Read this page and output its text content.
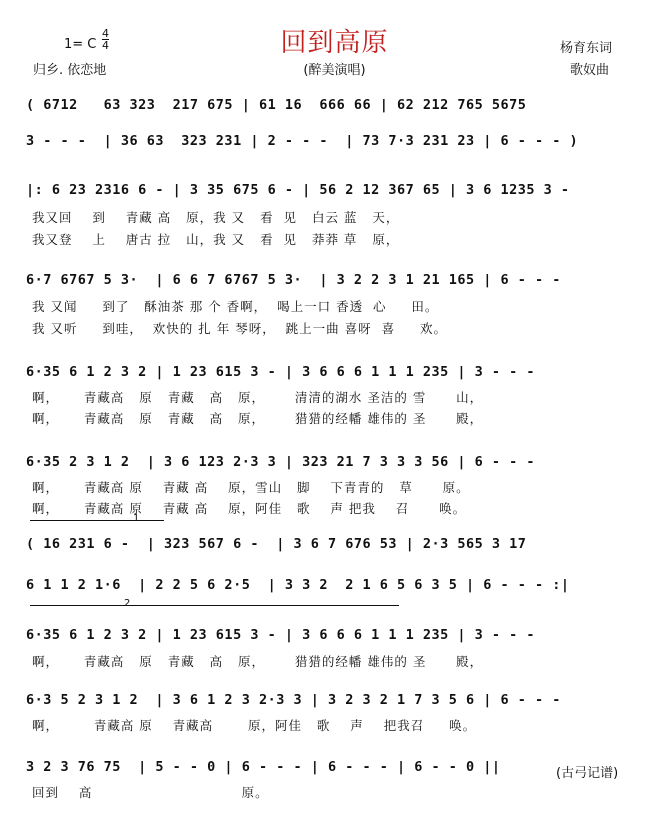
回到高原
1= C $\frac{4}{4}$
归乡. 依恋地	(醉美演唱)
杨育东词
歌奴曲

( 6712   63 323  217 675 | 61 16  666 66 | 62 212 765 5675

3 - - -  | 36 63  323 231 | 2 - - -  | 73 7·3 231 23 | 6 - - - )

|: 6 23 2316 6 - | 3 35 675 6 - | 56 2 12 367 65 | 3 6 1235 3 -

我又回    到    青藏 高   原，我 又   看  见   白云 蓝   天，
我又登    上    唐古 拉   山，我 又   看  见   莽莽 草   原，

6·7 6767 5 3·  | 6 6 7 6767 5 3·  | 3 2 2 3 1 21 165 | 6 - - -

我 又闻     到了   酥油茶 那 个 香啊，  喝上一口 香透  心     田。
我 又听     到哇，  欢快的 扎 年 琴呀，  跳上一曲 喜呀  喜     欢。

6·35 6 1 2 3 2 | 1 23 615 3 - | 3 6 6 6 1 1 1 235 | 3 - - -

啊，     青藏高   原   青藏   高   原，      清清的湖水 圣洁的 雪      山，
啊，     青藏高   原   青藏   高   原，      猎猎的经幡 雄伟的 圣      殿，

6·35 2 3 1 2  | 3 6 123 2·3 3 | 323 21 7 3 3 3 56 | 6 - - -

啊，     青藏高 原    青藏 高    原，雪山   脚    下青青的   草      原。
啊，     青藏高 原    青藏 高    原，阿佳   歌    声 把我    召      唤。
1

( 16 231 6 -  | 323 567 6 -  | 3 6 7 676 53 | 2·3 565 3 17

6 1 1 2 1·6  | 2 2 5 6 2·5  | 3 3 2  2 1 6 5 6 3 5 | 6 - - - :|

2

6·35 6 1 2 3 2 | 1 23 615 3 - | 3 6 6 6 1 1 1 235 | 3 - - -

啊，     青藏高   原   青藏   高   原，      猎猎的经幡 雄伟的 圣      殿，

6·3 5 2 3 1 2  | 3 6 1 2 3 2·3 3 | 3 2 3 2 1 7 3 5 6 | 6 - - -

啊，       青藏高 原    青藏高       原，阿佳   歌    声    把我召     唤。

3 2 3 76 75  | 5 - - 0 | 6 - - - | 6 - - - | 6 - - 0 ||

回到    高                              原。
(古弓记谱)
